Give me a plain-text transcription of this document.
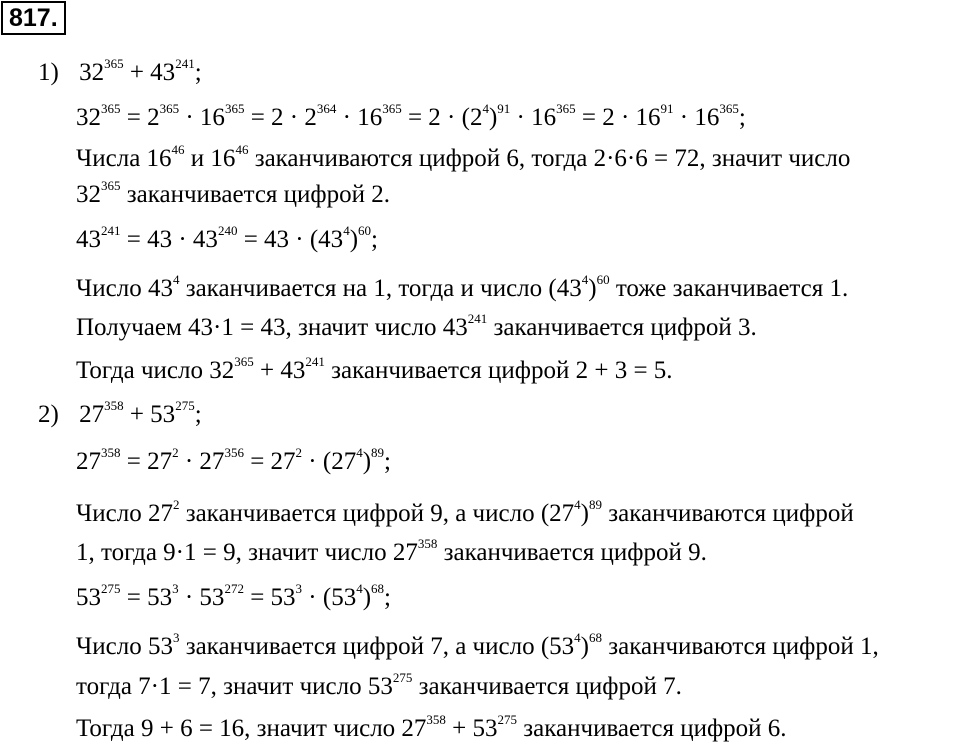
817.
1) $32^{365} + 43^{241}$;
$32^{365} = 2^{365} \cdot 16^{365} = 2 \cdot 2^{364} \cdot 16^{365} = 2 \cdot (2^4)^{91} \cdot 16^{365} = 2 \cdot 16^{91} \cdot 16^{365}$;
Числа $16^{46}$ и $16^{46}$ заканчиваются цифрой 6, тогда 2·6·6 = 72, значит число
$32^{365}$ заканчивается цифрой 2.
$43^{241} = 43 \cdot 43^{240} = 43 \cdot (43^4)^{60}$;
Число $43^4$ заканчивается на 1, тогда и число $(43^4)^{60}$ тоже заканчивается 1.
Получаем 43·1 = 43, значит число $43^{241}$ заканчивается цифрой 3.
Тогда число $32^{365} + 43^{241}$ заканчивается цифрой 2 + 3 = 5.
2) $27^{358} + 53^{275}$;
$27^{358} = 27^2 \cdot 27^{356} = 27^2 \cdot (27^4)^{89}$;
Число $27^2$ заканчивается цифрой 9, а число $(27^4)^{89}$ заканчиваются цифрой
1, тогда 9·1 = 9, значит число $27^{358}$ заканчивается цифрой 9.
$53^{275} = 53^3 \cdot 53^{272} = 53^3 \cdot (53^4)^{68}$;
Число $53^3$ заканчивается цифрой 7, а число $(53^4)^{68}$ заканчиваются цифрой 1,
тогда 7·1 = 7, значит число $53^{275}$ заканчивается цифрой 7.
Тогда 9 + 6 = 16, значит число $27^{358} + 53^{275}$ заканчивается цифрой 6.
